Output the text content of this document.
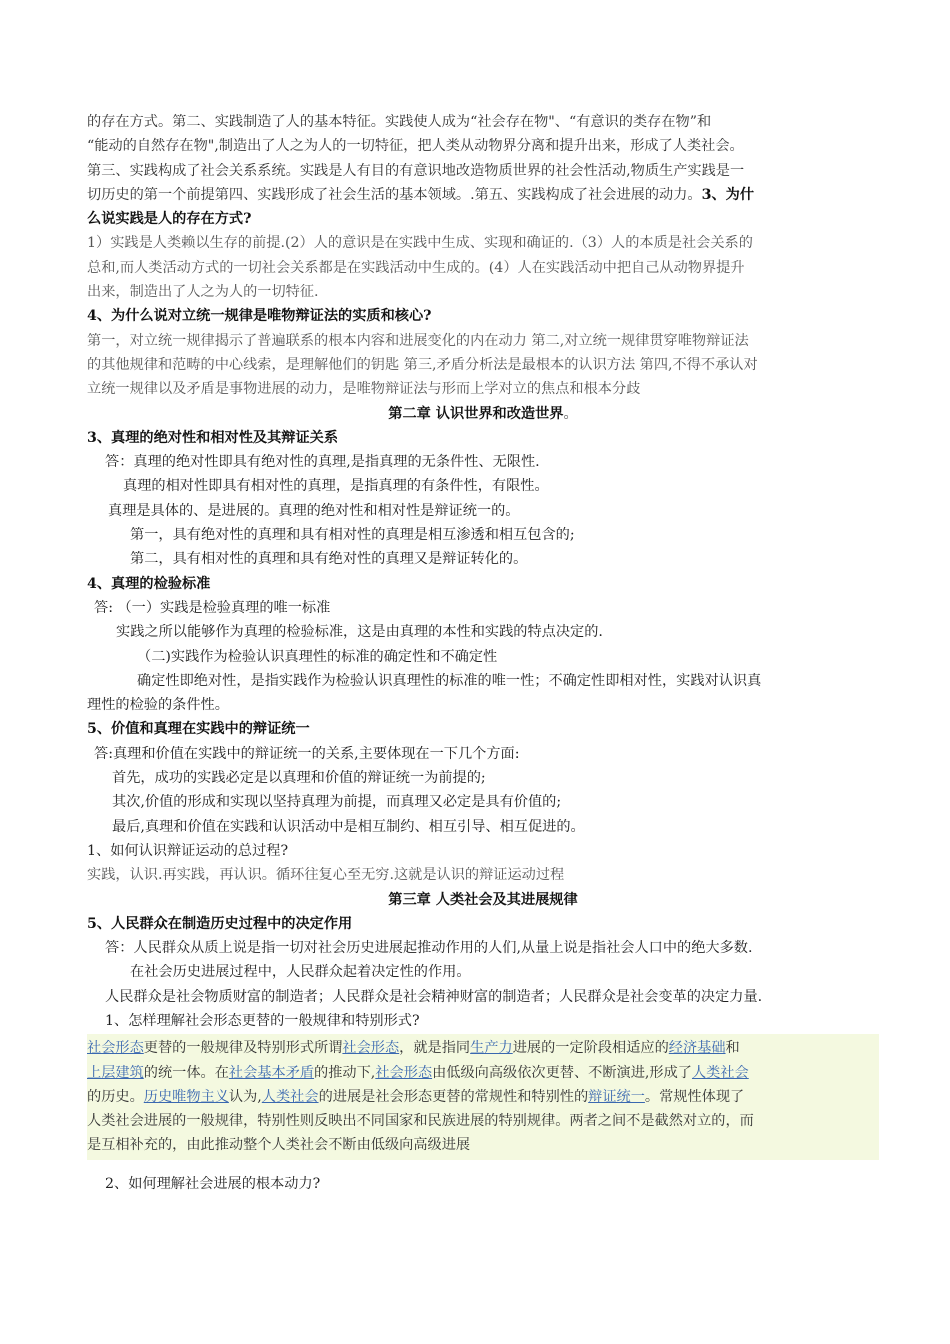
的存在方式。第二、实践制造了人的基本特征。实践使人成为“社会存在物"、“有意识的类存在物”和

“能动的自然存在物",制造出了人之为人的一切特征，把人类从动物界分离和提升出来，形成了人类社会。

第三、实践构成了社会关系系统。实践是人有目的有意识地改造物质世界的社会性活动,物质生产实践是一

切历史的第一个前提第四、实践形成了社会生活的基本领域。.第五、实践构成了社会进展的动力。3、为什

么说实践是人的存在方式?

1）实践是人类赖以生存的前提.(2）人的意识是在实践中生成、实现和确证的.（3）人的本质是社会关系的

总和,而人类活动方式的一切社会关系都是在实践活动中生成的。(4）人在实践活动中把自己从动物界提升

出来，制造出了人之为人的一切特征.

4、为什么说对立统一规律是唯物辩证法的实质和核心?

第一，对立统一规律揭示了普遍联系的根本内容和进展变化的内在动力 第二,对立统一规律贯穿唯物辩证法

的其他规律和范畴的中心线索，是理解他们的钥匙 第三,矛盾分析法是最根本的认识方法 第四,不得不承认对

立统一规律以及矛盾是事物进展的动力，是唯物辩证法与形而上学对立的焦点和根本分歧

第二章 认识世界和改造世界。

3、真理的绝对性和相对性及其辩证关系

答：真理的绝对性即具有绝对性的真理,是指真理的无条件性、无限性.

真理的相对性即具有相对性的真理，是指真理的有条件性，有限性。

真理是具体的、是进展的。真理的绝对性和相对性是辩证统一的。

第一，具有绝对性的真理和具有相对性的真理是相互渗透和相互包含的;

第二，具有相对性的真理和具有绝对性的真理又是辩证转化的。

4、真理的检验标准

答: （一）实践是检验真理的唯一标准

实践之所以能够作为真理的检验标准，这是由真理的本性和实践的特点决定的.

（二)实践作为检验认识真理性的标准的确定性和不确定性

确定性即绝对性，是指实践作为检验认识真理性的标准的唯一性；不确定性即相对性，实践对认识真

理性的检验的条件性。

5、价值和真理在实践中的辩证统一

答:真理和价值在实践中的辩证统一的关系,主要体现在一下几个方面:

首先，成功的实践必定是以真理和价值的辩证统一为前提的;

其次,价值的形成和实现以坚持真理为前提，而真理又必定是具有价值的;

最后,真理和价值在实践和认识活动中是相互制约、相互引导、相互促进的。

1、如何认识辩证运动的总过程?

实践，认识.再实践，再认识。循环往复心至无穷.这就是认识的辩证运动过程

第三章 人类社会及其进展规律

5、人民群众在制造历史过程中的决定作用

答：人民群众从质上说是指一切对社会历史进展起推动作用的人们,从量上说是指社会人口中的绝大多数.

在社会历史进展过程中，人民群众起着决定性的作用。

人民群众是社会物质财富的制造者；人民群众是社会精神财富的制造者；人民群众是社会变革的决定力量.

1、怎样理解社会形态更替的一般规律和特别形式?

社会形态更替的一般规律及特别形式所谓社会形态，就是指同生产力进展的一定阶段相适应的经济基础和

上层建筑的统一体。在社会基本矛盾的推动下,社会形态由低级向高级依次更替、不断演进,形成了人类社会

的历史。历史唯物主义认为,人类社会的进展是社会形态更替的常规性和特别性的辩证统一。常规性体现了

人类社会进展的一般规律，特别性则反映出不同国家和民族进展的特别规律。两者之间不是截然对立的，而

是互相补充的，由此推动整个人类社会不断由低级向高级进展

2、如何理解社会进展的根本动力?
